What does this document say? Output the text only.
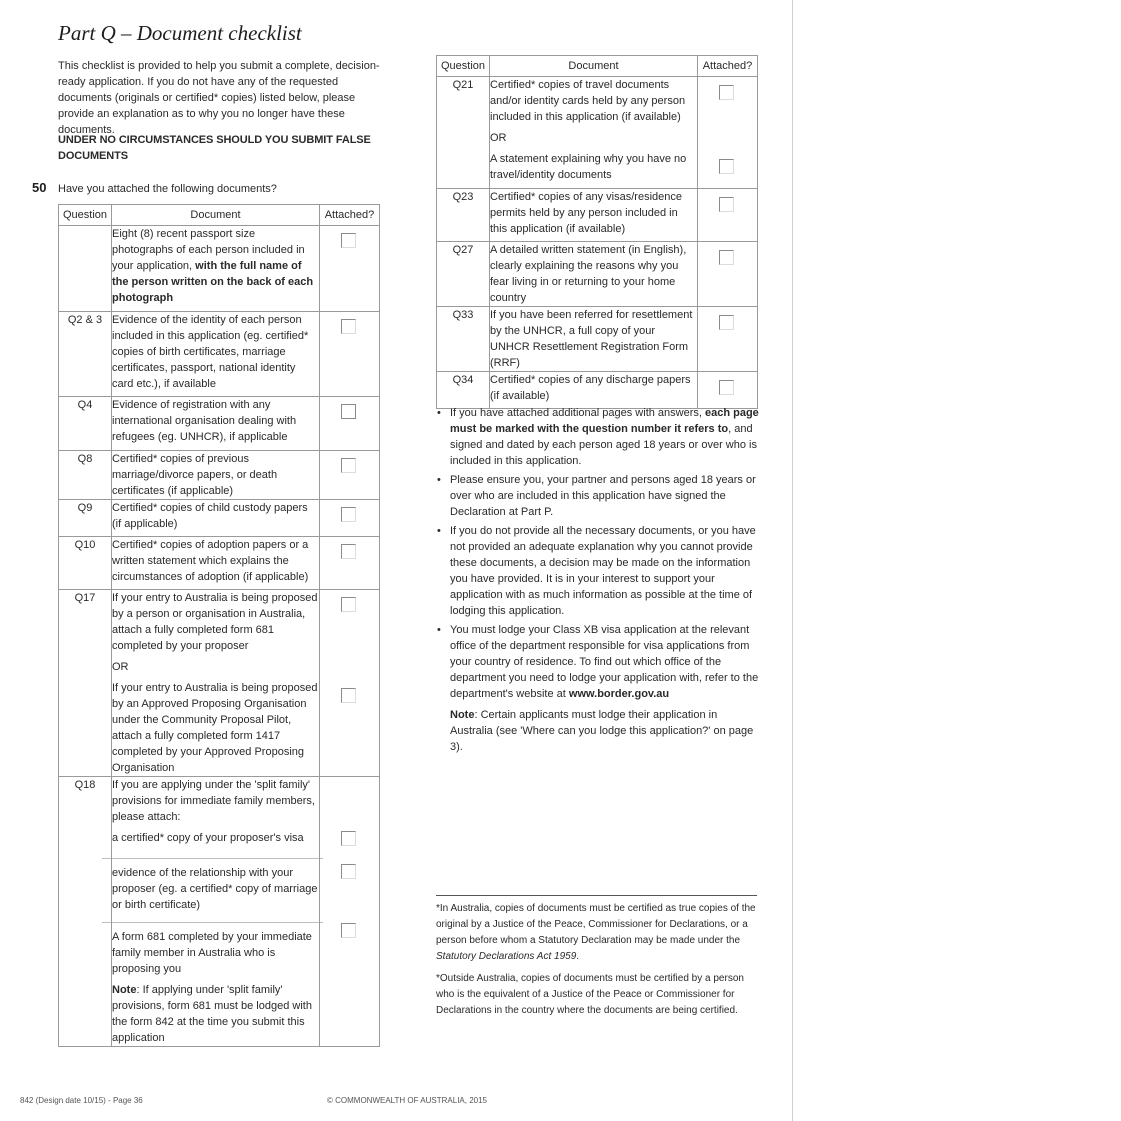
Part Q – Document checklist

This checklist is provided to help you submit a complete, decision-ready application. If you do not have any of the requested documents (originals or certified* copies) listed below, please provide an explanation as to why you no longer have these documents.

UNDER NO CIRCUMSTANCES SHOULD YOU SUBMIT FALSE DOCUMENTS

50 Have you attached the following documents?
Question	Document	Attached?

	Eight (8) recent passport size photographs of each person included in your application, with the full name of the person written on the back of each photograph	

Q2 & 3	Evidence of the identity of each person included in this application (eg. certified* copies of birth certificates, marriage certificates, passport, national identity card etc.), if available	

Q4	Evidence of registration with any international organisation dealing with refugees (eg. UNHCR), if applicable	

Q8	Certified* copies of previous marriage/divorce papers, or death certificates (if applicable)	

Q9	Certified* copies of child custody papers (if applicable)	

Q10	Certified* copies of adoption papers or a written statement which explains the circumstances of adoption (if applicable)	

Q17	If your entry to Australia is being proposed by a person or organisation in Australia, attach a fully completed form 681 completed by your proposer

OR

If your entry to Australia is being proposed by an Approved Proposing Organisation under the Community Proposal Pilot, attach a fully completed form 1417 completed by your Approved Proposing Organisation	

Q18	If you are applying under the 'split family' provisions for immediate family members, please attach:

a certified* copy of your proposer's visa
evidence of the relationship with your proposer (eg. a certified* copy of marriage or birth certificate)

A form 681 completed by your immediate family member in Australia who is proposing you

Note: If applying under 'split family' provisions, form 681 must be lodged with the form 842 at the time you submit this application	

Question	Document	Attached?
Q21	Certified* copies of travel documents and/or identity cards held by any person included in this application (if available)

OR

A statement explaining why you have no travel/identity documents	

Q23	Certified* copies of any visas/residence permits held by any person included in this application (if available)	

Q27	A detailed written statement (in English), clearly explaining the reasons why you fear living in or returning to your home country	

Q33	If you have been referred for resettlement by the UNHCR, a full copy of your UNHCR Resettlement Registration Form (RRF)	

Q34	Certified* copies of any discharge papers (if available)	
• If you have attached additional pages with answers, each page must be marked with the question number it refers to, and signed and dated by each person aged 18 years or over who is included in this application.
• Please ensure you, your partner and persons aged 18 years or over who are included in this application have signed the Declaration at Part P.
• If you do not provide all the necessary documents, or you have not provided an adequate explanation why you cannot provide these documents, a decision may be made on the information you have provided. It is in your interest to support your application with as much information as possible at the time of lodging this application.

• You must lodge your Class XB visa application at the relevant office of the department responsible for visa applications from your country of residence. To find out which office of the department you need to lodge your application with, refer to the department's website at www.border.gov.au

Note: Certain applicants must lodge their application in Australia (see 'Where can you lodge this application?' on page 3).

*In Australia, copies of documents must be certified as true copies of the original by a Justice of the Peace, Commissioner for Declarations, or a person before whom a Statutory Declaration may be made under the Statutory Declarations Act 1959.

*Outside Australia, copies of documents must be certified by a person who is the equivalent of a Justice of the Peace or Commissioner for Declarations in the country where the documents are being certified.

842 (Design date 10/15) - Page 36	© COMMONWEALTH OF AUSTRALIA, 2015
